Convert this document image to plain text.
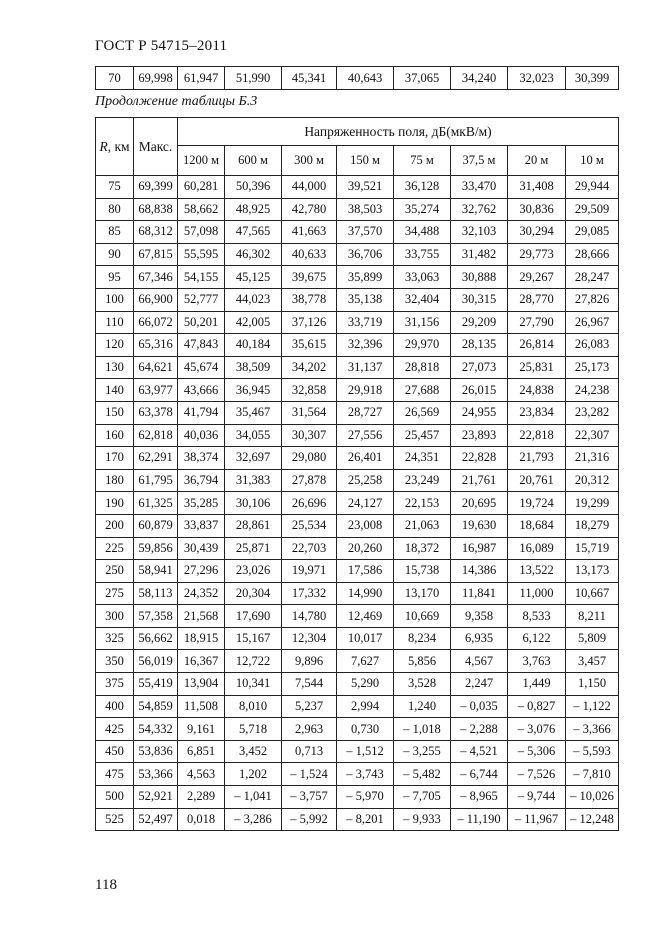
ГОСТ Р 54715–2011
70	69,998	61,947	51,990	45,341	40,643	37,065	34,240	32,023	30,399
Продолжение таблицы Б.3
R, км	Макс.	Напряженность поля, дБ(мкВ/м)							
		1200 м	600 м	300 м	150 м	75 м	37,5 м	20 м	10 м
75	69,399	60,281	50,396	44,000	39,521	36,128	33,470	31,408	29,944
80	68,838	58,662	48,925	42,780	38,503	35,274	32,762	30,836	29,509
85	68,312	57,098	47,565	41,663	37,570	34,488	32,103	30,294	29,085
90	67,815	55,595	46,302	40,633	36,706	33,755	31,482	29,773	28,666
95	67,346	54,155	45,125	39,675	35,899	33,063	30,888	29,267	28,247
100	66,900	52,777	44,023	38,778	35,138	32,404	30,315	28,770	27,826
110	66,072	50,201	42,005	37,126	33,719	31,156	29,209	27,790	26,967
120	65,316	47,843	40,184	35,615	32,396	29,970	28,135	26,814	26,083
130	64,621	45,674	38,509	34,202	31,137	28,818	27,073	25,831	25,173
140	63,977	43,666	36,945	32,858	29,918	27,688	26,015	24,838	24,238
150	63,378	41,794	35,467	31,564	28,727	26,569	24,955	23,834	23,282
160	62,818	40,036	34,055	30,307	27,556	25,457	23,893	22,818	22,307
170	62,291	38,374	32,697	29,080	26,401	24,351	22,828	21,793	21,316
180	61,795	36,794	31,383	27,878	25,258	23,249	21,761	20,761	20,312
190	61,325	35,285	30,106	26,696	24,127	22,153	20,695	19,724	19,299
200	60,879	33,837	28,861	25,534	23,008	21,063	19,630	18,684	18,279
225	59,856	30,439	25,871	22,703	20,260	18,372	16,987	16,089	15,719
250	58,941	27,296	23,026	19,971	17,586	15,738	14,386	13,522	13,173
275	58,113	24,352	20,304	17,332	14,990	13,170	11,841	11,000	10,667
300	57,358	21,568	17,690	14,780	12,469	10,669	9,358	8,533	8,211
325	56,662	18,915	15,167	12,304	10,017	8,234	6,935	6,122	5,809
350	56,019	16,367	12,722	9,896	7,627	5,856	4,567	3,763	3,457
375	55,419	13,904	10,341	7,544	5,290	3,528	2,247	1,449	1,150
400	54,859	11,508	8,010	5,237	2,994	1,240	– 0,035	– 0,827	– 1,122
425	54,332	9,161	5,718	2,963	0,730	– 1,018	– 2,288	– 3,076	– 3,366
450	53,836	6,851	3,452	0,713	– 1,512	– 3,255	– 4,521	– 5,306	– 5,593
475	53,366	4,563	1,202	– 1,524	– 3,743	– 5,482	– 6,744	– 7,526	– 7,810
500	52,921	2,289	– 1,041	– 3,757	– 5,970	– 7,705	– 8,965	– 9,744	– 10,026
525	52,497	0,018	– 3,286	– 5,992	– 8,201	– 9,933	– 11,190	– 11,967	– 12,248
118
